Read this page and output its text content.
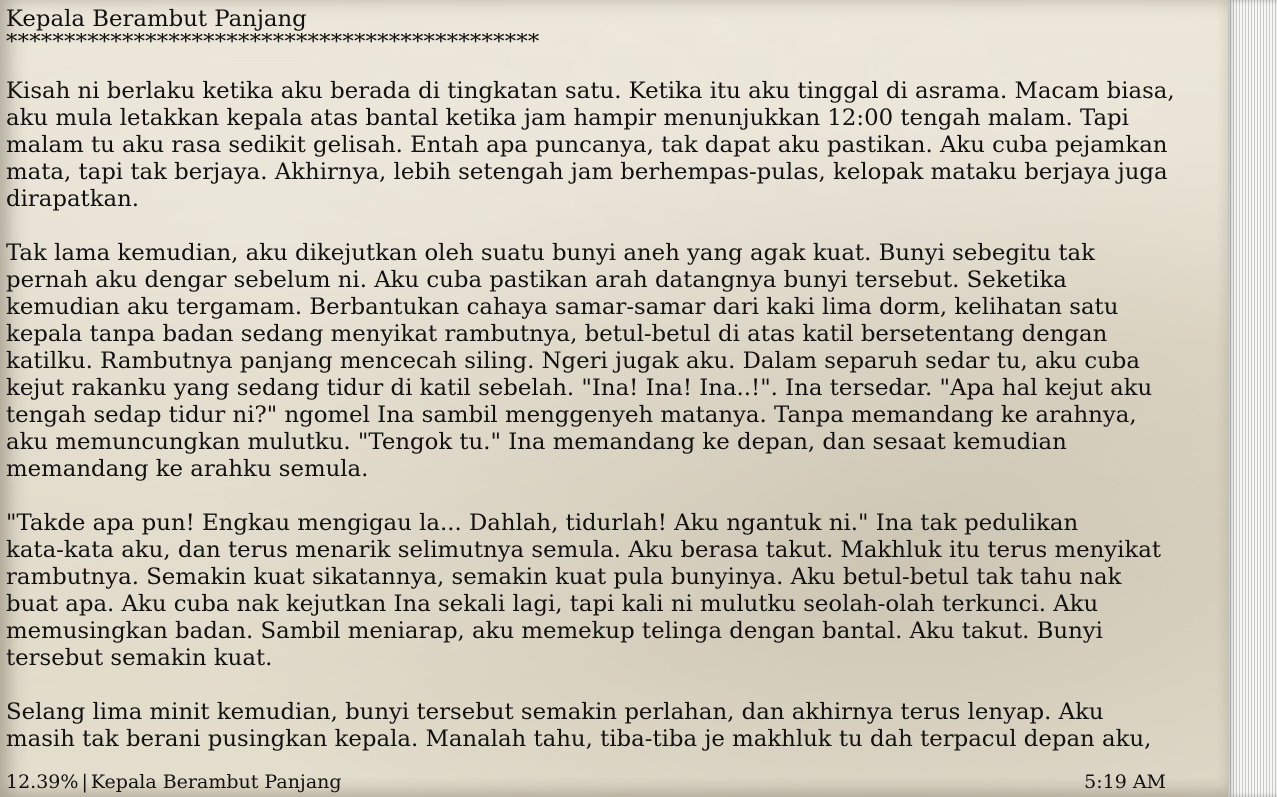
Kepala Berambut Panjang
**********************************************

Kisah ni berlaku ketika aku berada di tingkatan satu. Ketika itu aku tinggal di asrama. Macam biasa,
aku mula letakkan kepala atas bantal ketika jam hampir menunjukkan 12:00 tengah malam. Tapi
malam tu aku rasa sedikit gelisah. Entah apa puncanya, tak dapat aku pastikan. Aku cuba pejamkan
mata, tapi tak berjaya. Akhirnya, lebih setengah jam berhempas-pulas, kelopak mataku berjaya juga
dirapatkan.

Tak lama kemudian, aku dikejutkan oleh suatu bunyi aneh yang agak kuat. Bunyi sebegitu tak
pernah aku dengar sebelum ni. Aku cuba pastikan arah datangnya bunyi tersebut. Seketika
kemudian aku tergamam. Berbantukan cahaya samar-samar dari kaki lima dorm, kelihatan satu
kepala tanpa badan sedang menyikat rambutnya, betul-betul di atas katil bersetentang dengan
katilku. Rambutnya panjang mencecah siling. Ngeri jugak aku. Dalam separuh sedar tu, aku cuba
kejut rakanku yang sedang tidur di katil sebelah. "Ina! Ina! Ina..!". Ina tersedar. "Apa hal kejut aku
tengah sedap tidur ni?" ngomel Ina sambil menggenyeh matanya. Tanpa memandang ke arahnya,
aku memuncungkan mulutku. "Tengok tu." Ina memandang ke depan, dan sesaat kemudian
memandang ke arahku semula.

"Takde apa pun! Engkau mengigau la... Dahlah, tidurlah! Aku ngantuk ni." Ina tak pedulikan
kata-kata aku, dan terus menarik selimutnya semula. Aku berasa takut. Makhluk itu terus menyikat
rambutnya. Semakin kuat sikatannya, semakin kuat pula bunyinya. Aku betul-betul tak tahu nak
buat apa. Aku cuba nak kejutkan Ina sekali lagi, tapi kali ni mulutku seolah-olah terkunci. Aku
memusingkan badan. Sambil meniarap, aku memekup telinga dengan bantal. Aku takut. Bunyi
tersebut semakin kuat.

Selang lima minit kemudian, bunyi tersebut semakin perlahan, dan akhirnya terus lenyap. Aku
masih tak berani pusingkan kepala. Manalah tahu, tiba-tiba je makhluk tu dah terpacul depan aku,

12.39% | Kepala Berambut Panjang	5:19 AM
